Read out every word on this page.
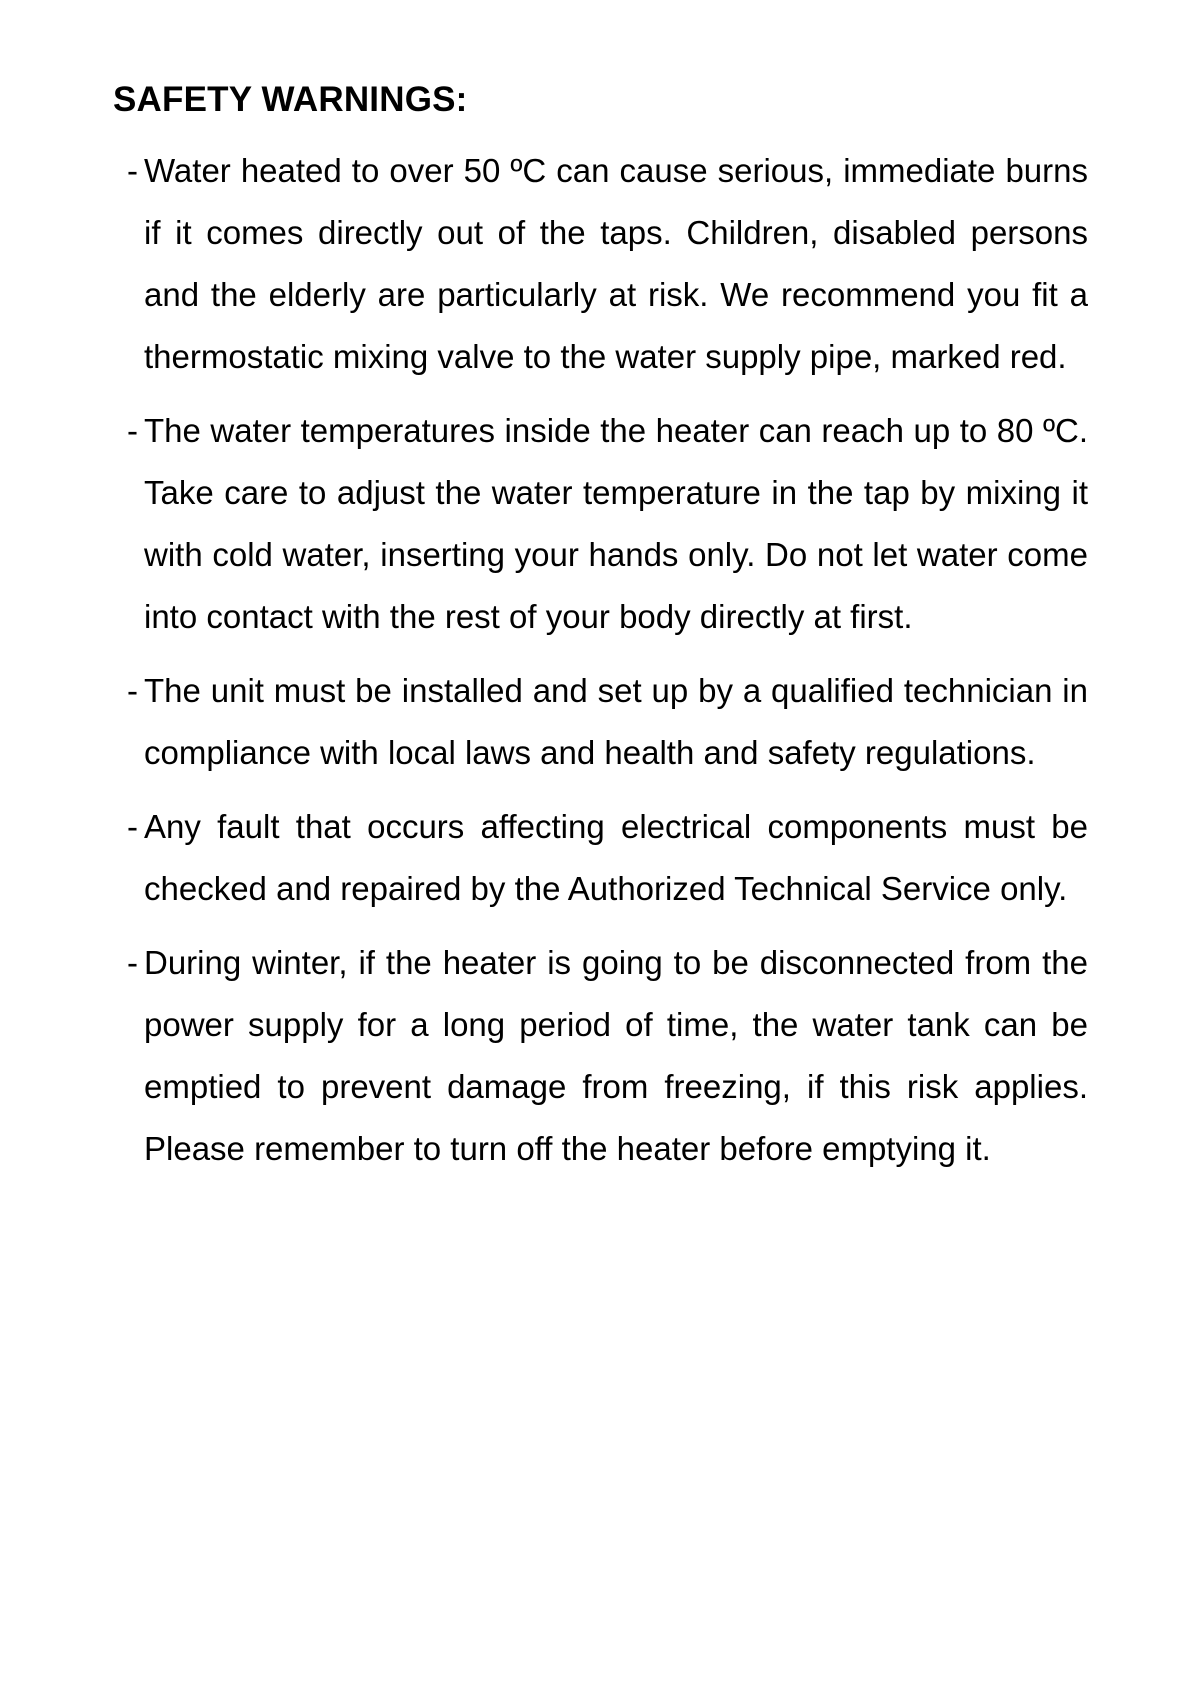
SAFETY WARNINGS:
- Water heated to over 50 ºC can cause serious, immediate burns if it comes directly out of the taps. Children, disabled persons and the elderly are particularly at risk. We recommend you fit a thermostatic mixing valve to the water supply pipe, marked red.
- The water temperatures inside the heater can reach up to 80 ºC. Take care to adjust the water temperature in the tap by mixing it with cold water, inserting your hands only. Do not let water come into contact with the rest of your body directly at first.
- The unit must be installed and set up by a qualified technician in compliance with local laws and health and safety regulations.
- Any fault that occurs affecting electrical components must be checked and repaired by the Authorized Technical Service only.
- During winter, if the heater is going to be disconnected from the power supply for a long period of time, the water tank can be emptied to prevent damage from freezing, if this risk applies. Please remember to turn off the heater before emptying it.
